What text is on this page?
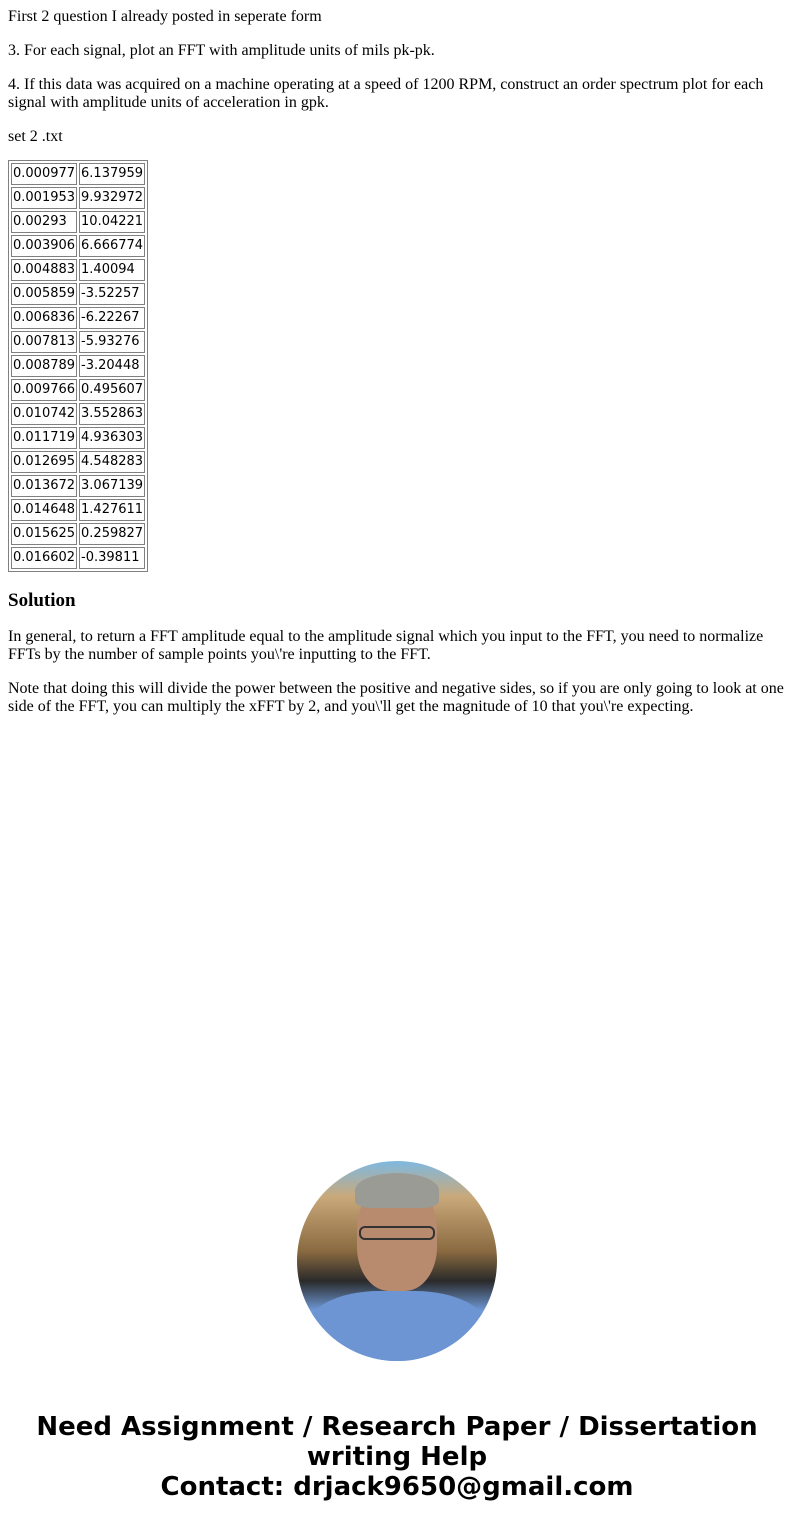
First 2 question I already posted in seperate form

3. For each signal, plot an FFT with amplitude units of mils pk-pk.

4. If this data was acquired on a machine operating at a speed of 1200 RPM, construct an order spectrum plot for each signal with amplitude units of acceleration in gpk.

set 2 .txt

0.000977	6.137959
0.001953	9.932972
0.00293	10.04221
0.003906	6.666774
0.004883	1.40094
0.005859	-3.52257
0.006836	-6.22267
0.007813	-5.93276
0.008789	-3.20448
0.009766	0.495607
0.010742	3.552863
0.011719	4.936303
0.012695	4.548283
0.013672	3.067139
0.014648	1.427611
0.015625	0.259827
0.016602	-0.39811
Solution

In general, to return a FFT amplitude equal to the amplitude signal which you input to the FFT, you need to normalize FFTs by the number of sample points you\'re inputting to the FFT.

Note that doing this will divide the power between the positive and negative sides, so if you are only going to look at one side of the FFT, you can multiply the xFFT by 2, and you\'ll get the magnitude of 10 that you\'re expecting.

Need Assignment / Research Paper / Dissertation
writing Help
Contact: drjack9650@gmail.com
